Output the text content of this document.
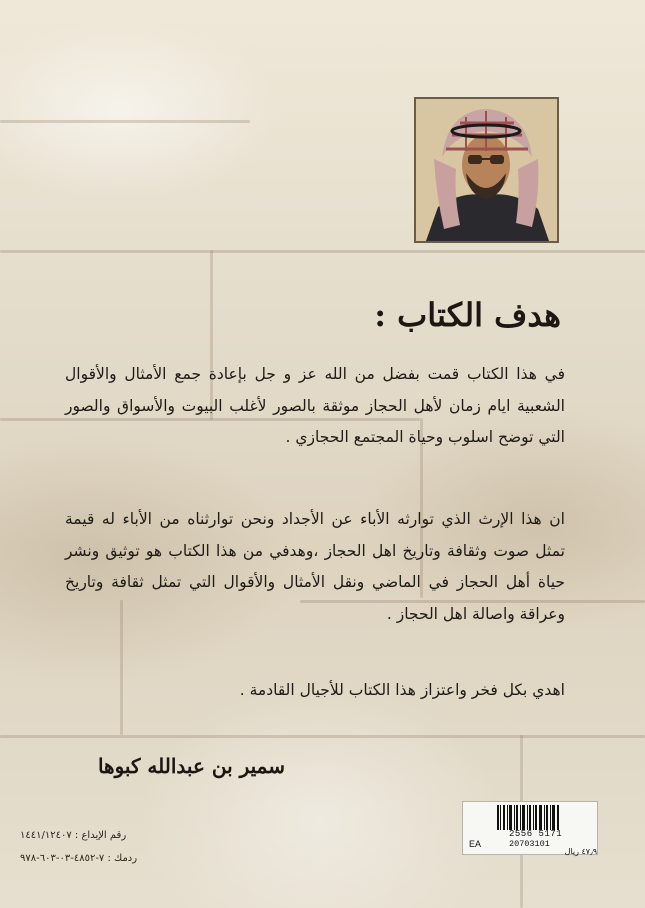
هدف الكتاب :
في هذا الكتاب قمت بفضل من الله عز و جل بإعادة جمع الأمثال والأقوال الشعبية ايام زمان لأهل الحجاز موثقة بالصور لأغلب البيوت والأسواق والصور التي توضح اسلوب وحياة المجتمع الحجازي .
ان هذا الإرث الذي توارثه الأباء عن الأجداد ونحن توارثناه من الأباء له قيمة تمثل صوت وثقافة وتاريخ اهل الحجاز ،وهدفي من هذا الكتاب هو توثيق ونشر حياة أهل الحجاز في الماضي ونقل الأمثال والأقوال التي تمثل ثقافة وتاريخ وعراقة واصالة اهل الحجاز .
اهدي بكل فخر واعتزاز هذا الكتاب للأجيال القادمة .
سمير بن عبدالله كبوها
رقم الإيداع : ١٤٤١/١٢٤٠٧
ردمك : ٧-٤٨٥٢-٠٣-٦٠٣-٩٧٨
EA
2556 5171
20703101
٤٧٫٩ ريال
